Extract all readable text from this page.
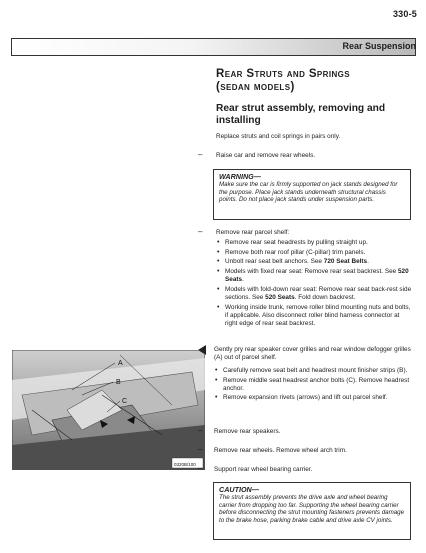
330-5
Rear Suspension
Rear Struts and Springs
(sedan models)
Rear strut assembly, removing and installing
Replace struts and coil springs in pairs only.
– Raise car and remove rear wheels.
WARNING—
Make sure the car is firmly supported on jack stands designed for the purpose. Place jack stands underneath structural chassis points. Do not place jack stands under suspension parts.
– Remove rear parcel shelf:
• Remove rear seat headrests by pulling straight up.
• Remove both rear roof pillar (C-pillar) trim panels.
• Unbolt rear seat belt anchors. See 720 Seat Belts.
• Models with fixed rear seat: Remove rear seat backrest. See 520 Seats.
• Models with fold-down rear seat: Remove rear seat back-rest side sections. See 520 Seats. Fold down backrest.
• Working inside trunk, remove roller blind mounting nuts and bolts, if applicable. Also disconnect roller blind harness connector at right edge of rear seat backrest.
A
B
C
0320B/100
Gently pry rear speaker cover grilles and rear window defogger grilles (A) out of parcel shelf.
• Carefully remove seat belt and headrest mount finisher strips (B).
• Remove middle seat headrest anchor bolts (C). Remove headrest anchor.
• Remove expansion rivets (arrows) and lift out parcel shelf.
– Remove rear speakers.
– Remove rear wheels. Remove wheel arch trim.
– Support rear wheel bearing carrier.
CAUTION—
The strut assembly prevents the drive axle and wheel bearing carrier from dropping too far. Supporting the wheel bearing carrier before disconnecting the strut mounting fasteners prevents damage to the brake hose, parking brake cable and drive axle CV joints.
